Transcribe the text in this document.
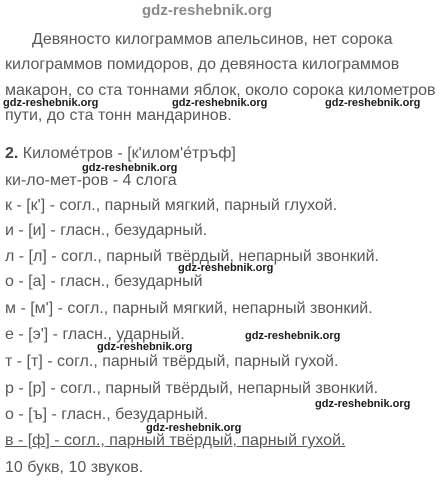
gdz-reshebnik.org
Девяносто килограммов апельсинов, нет сорока
килограммов помидоров, до девяноста килограммов
макарон, со ста тоннами яблок, около сорока километров
пути, до ста тонн мандаринов.
gdz-reshebnik.org	gdz-reshebnik.org	gdz-reshebnik.org
2. Киломе́тров - [к'илом'е́тръф]
ки-ло-мет-ров - 4 слога
gdz-reshebnik.org
к - [к'] - согл., парный мягкий, парный глухой.
и - [и] - гласн., безударный.
л - [л] - согл., парный твёрдый, непарный звонкий.
о - [а] - гласн., безударный
gdz-reshebnik.org
м - [м'] - согл., парный мягкий, непарный звонкий.
е - [э'] - гласн., ударный.	gdz-reshebnik.org
gdz-reshebnik.org
т - [т] - согл., парный твёрдый, парный гухой.
р - [р] - согл., парный твёрдый, непарный звонкий.
gdz-reshebnik.org
о - [ъ] - гласн., безударный.
gdz-reshebnik.org
в - [ф] - согл., парный твёрдый, парный гухой.
10 букв, 10 звуков.
